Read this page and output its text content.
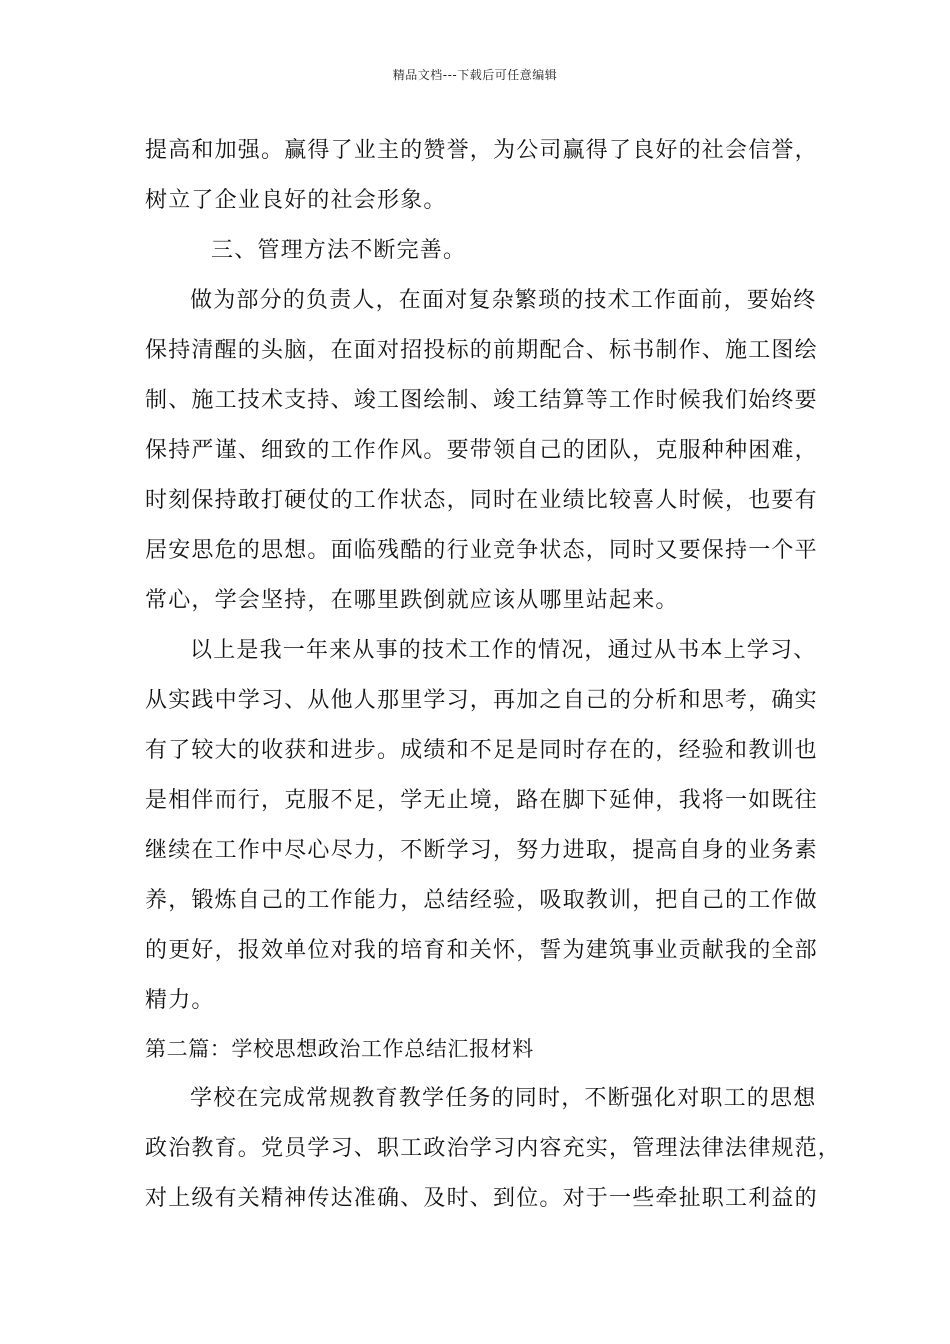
精品文档---下载后可任意编辑
提高和加强。赢得了业主的赞誉，为公司赢得了良好的社会信誉，
树立了企业良好的社会形象。
三、管理方法不断完善。
做为部分的负责人，在面对复杂繁琐的技术工作面前，要始终
保持清醒的头脑，在面对招投标的前期配合、标书制作、施工图绘
制、施工技术支持、竣工图绘制、竣工结算等工作时候我们始终要
保持严谨、细致的工作作风。要带领自己的团队，克服种种困难，
时刻保持敢打硬仗的工作状态，同时在业绩比较喜人时候，也要有
居安思危的思想。面临残酷的行业竞争状态，同时又要保持一个平
常心，学会坚持，在哪里跌倒就应该从哪里站起来。
以上是我一年来从事的技术工作的情况，通过从书本上学习、
从实践中学习、从他人那里学习，再加之自己的分析和思考，确实
有了较大的收获和进步。成绩和不足是同时存在的，经验和教训也
是相伴而行，克服不足，学无止境，路在脚下延伸，我将一如既往
继续在工作中尽心尽力，不断学习，努力进取，提高自身的业务素
养，锻炼自己的工作能力，总结经验，吸取教训，把自己的工作做
的更好，报效单位对我的培育和关怀，誓为建筑事业贡献我的全部
精力。
第二篇：学校思想政治工作总结汇报材料
学校在完成常规教育教学任务的同时，不断强化对职工的思想
政治教育。党员学习、职工政治学习内容充实，管理法律法律规范，
对上级有关精神传达准确、及时、到位。对于一些牵扯职工利益的
